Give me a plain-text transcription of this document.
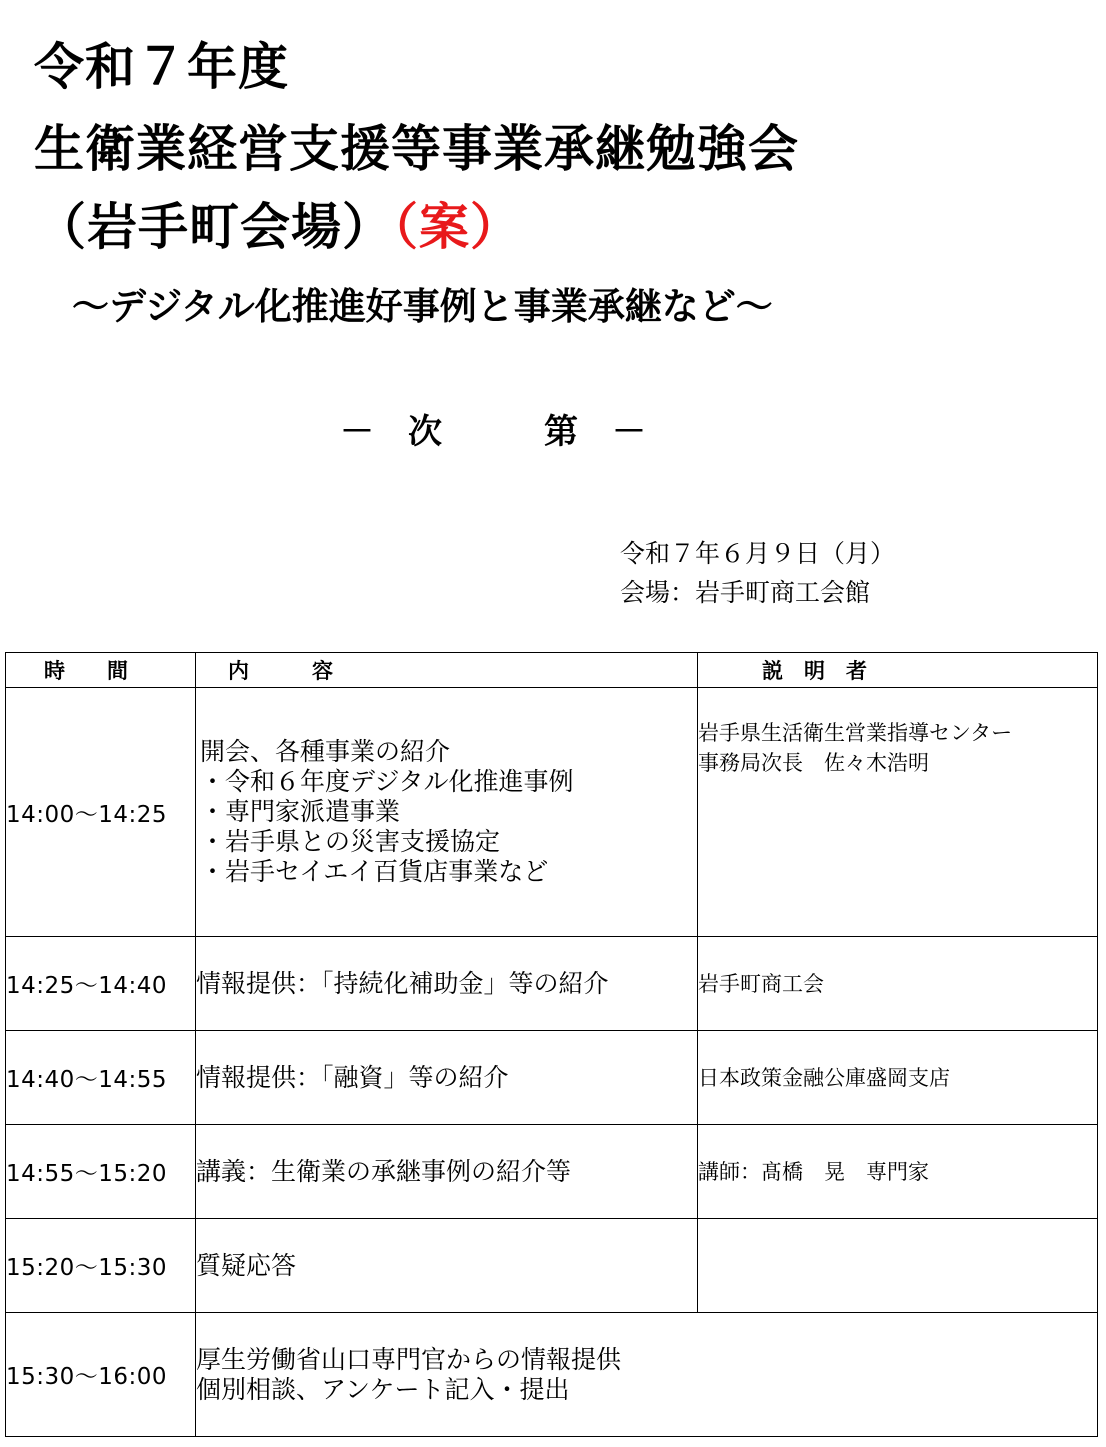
令和７年度
生衛業経営支援等事業承継勉強会
（岩手町会場）（案）
～デジタル化推進好事例と事業承継など～
－　次　　　第　－
令和７年６月９日（月）
会場：岩手町商工会館
時　　間	内　　　容	説　明　者
14:00～14:25	開会、各種事業の紹介
・令和６年度デジタル化推進事例
・専門家派遣事業
・岩手県との災害支援協定
・岩手セイエイ百貨店事業など	岩手県生活衛生営業指導センター
事務局次長　佐々木浩明

14:25～14:40	情報提供：「持続化補助金」等の紹介	岩手町商工会

14:40～14:55	情報提供：「融資」等の紹介	日本政策金融公庫盛岡支店

14:55～15:20	講義：生衛業の承継事例の紹介等	講師：髙橋　晃　専門家

15:20～15:30	質疑応答	

15:30～16:00	厚生労働省山口専門官からの情報提供
個別相談、アンケート記入・提出	
